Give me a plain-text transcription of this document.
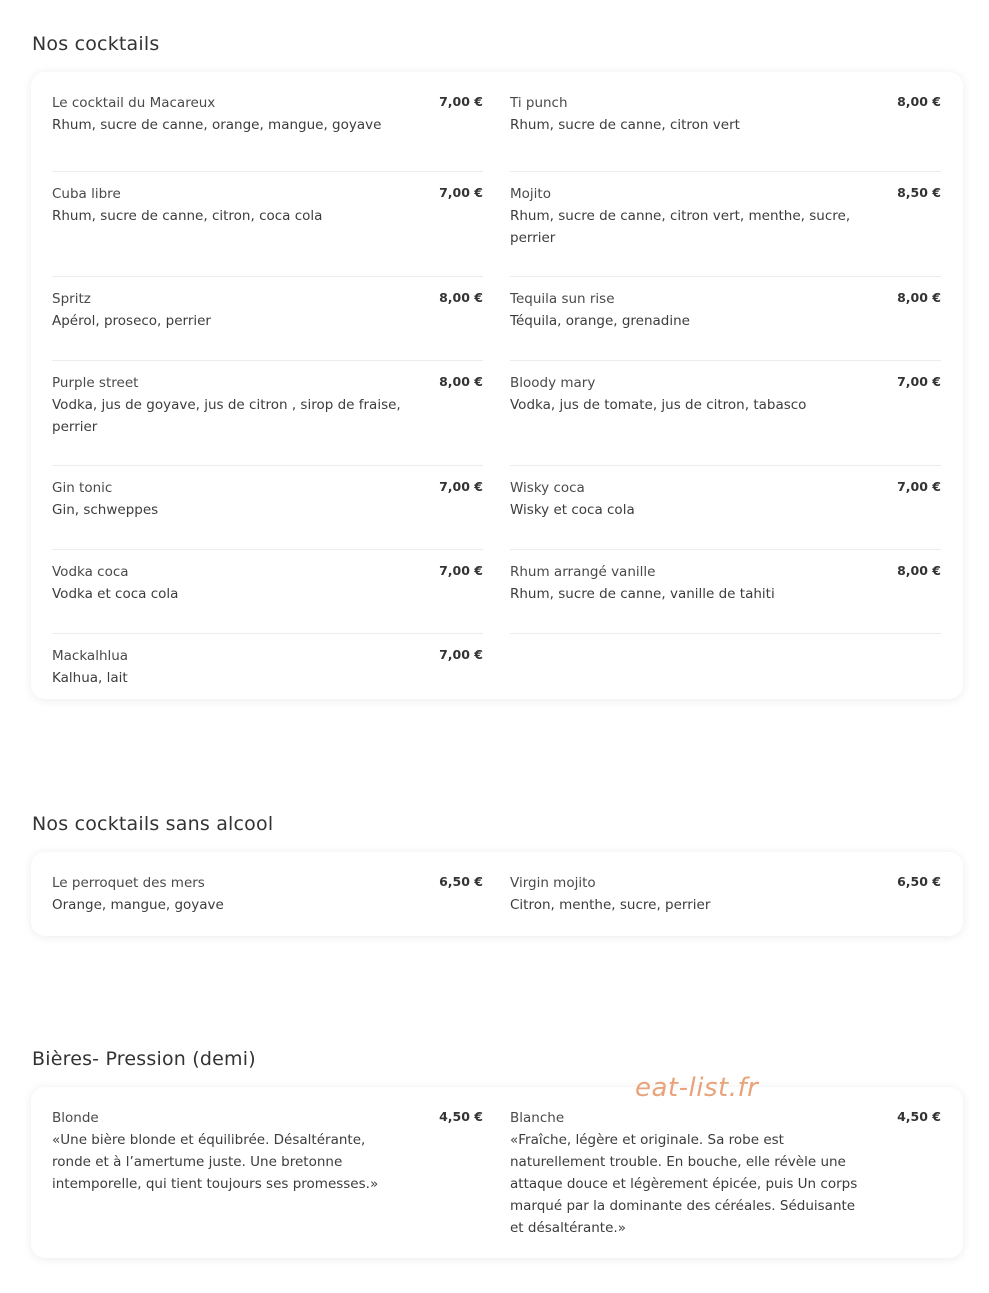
Nos cocktails
Le cocktail du Macareux
Rhum, sucre de canne, orange, mangue, goyave
7,00 € Ti punch
Rhum, sucre de canne, citron vert
8,00 €
Cuba libre
Rhum, sucre de canne, citron, coca cola
7,00 € Mojito
Rhum, sucre de canne, citron vert, menthe, sucre, perrier
8,50 €
Spritz
Apérol, proseco, perrier
8,00 € Tequila sun rise
Téquila, orange, grenadine
8,00 €
Purple street
Vodka, jus de goyave, jus de citron , sirop de fraise, perrier
8,00 € Bloody mary
Vodka, jus de tomate, jus de citron, tabasco
7,00 €
Gin tonic
Gin, schweppes
7,00 € Wisky coca
Wisky et coca cola
7,00 €
Vodka coca
Vodka et coca cola
7,00 € Rhum arrangé vanille
Rhum, sucre de canne, vanille de tahiti
8,00 €
Mackalhlua
Kalhua, lait
7,00 €
Nos cocktails sans alcool
Le perroquet des mers
Orange, mangue, goyave
6,50 € Virgin mojito
Citron, menthe, sucre, perrier
6,50 €
Bières- Pression (demi)
Blonde
«Une bière blonde et équilibrée. Désaltérante, ronde et à l’amertume juste. Une bretonne intemporelle, qui tient toujours ses promesses.»
4,50 € Blanche
«Fraîche, légère et originale. Sa robe est naturellement trouble. En bouche, elle révèle une attaque douce et légèrement épicée, puis Un corps marqué par la dominante des céréales. Séduisante et désaltérante.»
4,50 €
eat-list.fr
